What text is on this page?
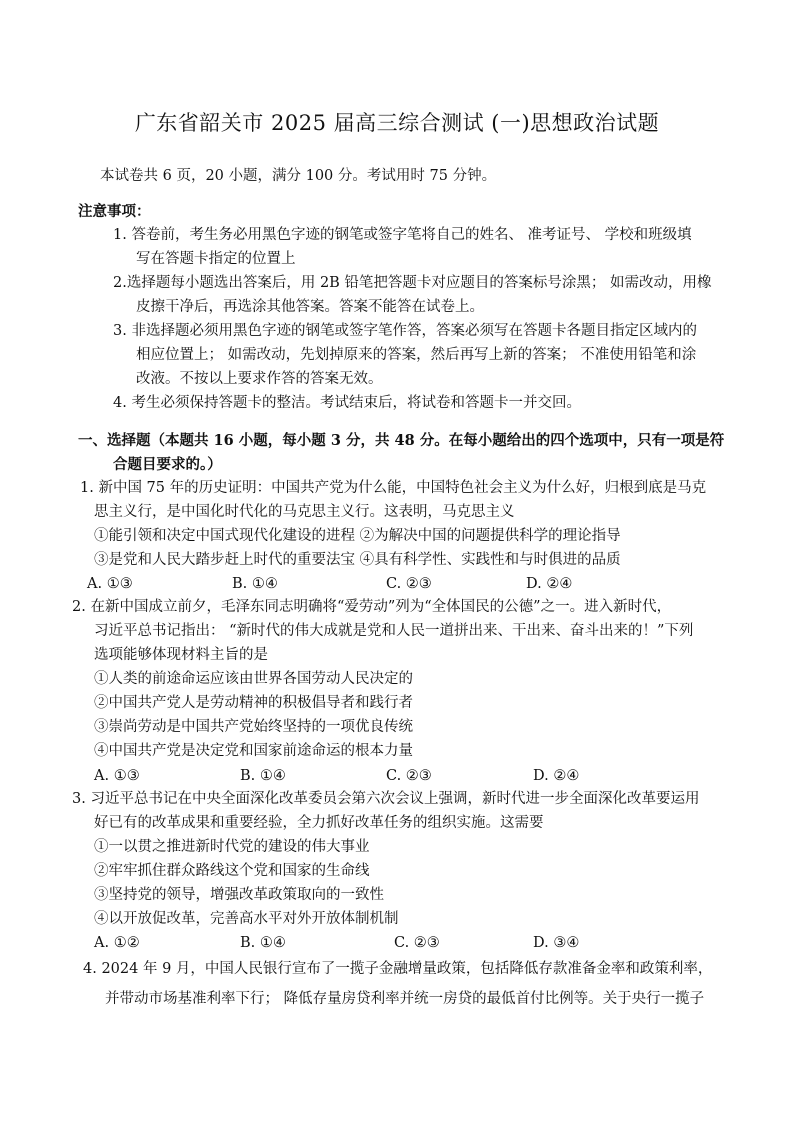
广东省韶关市 2025 届高三综合测试 (一)思想政治试题
本试卷共 6 页，20 小题，满分 100 分。考试用时 75 分钟。
注意事项：
1. 答卷前，考生务必用黑色字迹的钢笔或签字笔将自己的姓名、 准考证号、 学校和班级填
写在答题卡指定的位置上
2.选择题每小题选出答案后，用 2B 铅笔把答题卡对应题目的答案标号涂黑； 如需改动，用橡
皮擦干净后，再选涂其他答案。答案不能答在试卷上。
3. 非选择题必须用黑色字迹的钢笔或签字笔作答，答案必须写在答题卡各题目指定区域内的
相应位置上； 如需改动，先划掉原来的答案，然后再写上新的答案； 不准使用铅笔和涂
改液。不按以上要求作答的答案无效。
4. 考生必须保持答题卡的整洁。考试结束后，将试卷和答题卡一并交回。
一、选择题（本题共 16 小题，每小题 3 分，共 48 分。在每小题给出的四个选项中，只有一项是符
合题目要求的。）
1. 新中国 75 年的历史证明：中国共产党为什么能，中国特色社会主义为什么好，归根到底是马克
思主义行，是中国化时代化的马克思主义行。这表明，马克思主义
①能引领和决定中国式现代化建设的进程 ②为解决中国的问题提供科学的理论指导
③是党和人民大踏步赶上时代的重要法宝 ④具有科学性、实践性和与时俱进的品质
A. ①③	B. ①④	C. ②③	D. ②④
2. 在新中国成立前夕，毛泽东同志明确将“爱劳动”列为“全体国民的公德”之一。进入新时代，
习近平总书记指出： “新时代的伟大成就是党和人民一道拼出来、干出来、奋斗出来的！”下列
选项能够体现材料主旨的是
①人类的前途命运应该由世界各国劳动人民决定的
②中国共产党人是劳动精神的积极倡导者和践行者
③崇尚劳动是中国共产党始终坚持的一项优良传统
④中国共产党是决定党和国家前途命运的根本力量
A. ①③	B. ①④	C. ②③	D. ②④
3. 习近平总书记在中央全面深化改革委员会第六次会议上强调，新时代进一步全面深化改革要运用
好已有的改革成果和重要经验，全力抓好改革任务的组织实施。这需要
①一以贯之推进新时代党的建设的伟大事业
②牢牢抓住群众路线这个党和国家的生命线
③坚持党的领导，增强改革政策取向的一致性
④以开放促改革，完善高水平对外开放体制机制
A. ①②	B. ①④	C. ②③	D. ③④
4. 2024 年 9 月，中国人民银行宣布了一揽子金融增量政策，包括降低存款准备金率和政策利率，
并带动市场基准利率下行； 降低存量房贷利率并统一房贷的最低首付比例等。关于央行一揽子
